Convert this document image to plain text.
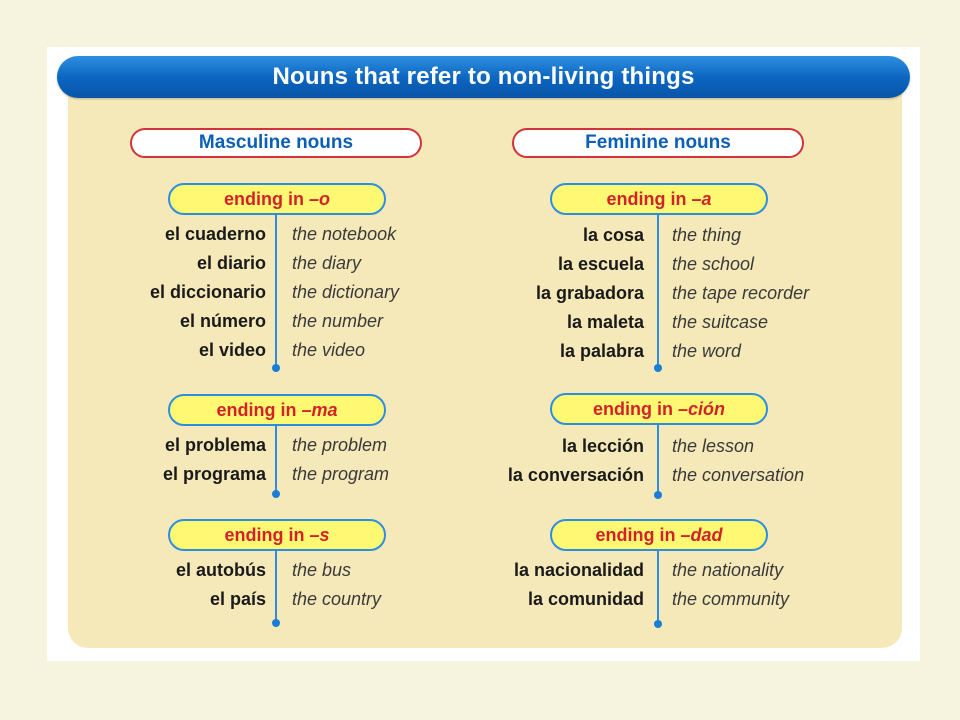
Nouns that refer to non-living things
Masculine nouns	Feminine nouns
ending in –o
el cuaderno the notebook
el diario the diary
el diccionario the dictionary
el número the number
el video the video
ending in –ma
el problema the problem
el programa the program
ending in –s
el autobús the bus
el país the country
ending in –a
la cosa the thing
la escuela the school
la grabadora the tape recorder
la maleta the suitcase
la palabra the word
ending in –ción
la lección the lesson
la conversación the conversation
ending in –dad
la nacionalidad the nationality
la comunidad the community
